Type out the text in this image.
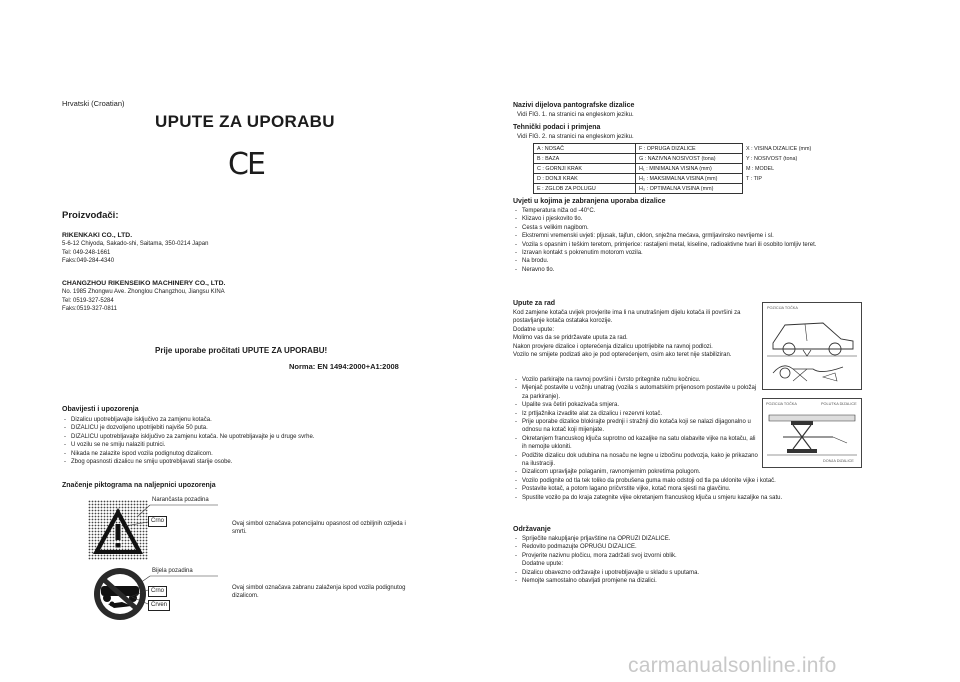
Hrvatski (Croatian)
UPUTE ZA UPORABU
CE
Proizvođači:
RIKENKAKI CO., LTD.
5-6-12 Chiyoda, Sakado-shi, Saitama, 350-0214 Japan
Tel: 049-248-1661
Faks:049-284-4340
CHANGZHOU RIKENSEIKO MACHINERY CO., LTD.
No. 1985 Zhongwu Ave. Zhonglou Changzhou, Jiangsu KINA
Tel: 0519-327-5284
Faks:0519-327-0811
Prije uporabe pročitati UPUTE ZA UPORABU!
Norma: EN 1494:2000+A1:2008
Obavijesti i upozorenja
- Dizalicu upotrebljavajte isključivo za zamjenu kotača.
- DIZALICU je dozvoljeno upotrijebiti najviše 50 puta.
- DIZALICU upotrebljavajte isključivo za zamjenu kotača. Ne upotrebljavajte je u druge svrhe.
- U vozilu se ne smiju nalaziti putnici.
- Nikada ne zalazite ispod vozila podignutog dizalicom.
- Zbog opasnosti dizalicu ne smiju upotrebljavati starije osobe.
Značenje piktograma na naljepnici upozorenja
Narančasta pozadina
Crno	Ovaj simbol označava potencijalnu opasnost od ozbiljnih ozljeda i smrti.
Bijela pozadina
Crno
Crven
Ovaj simbol označava zabranu zalaženja ispod vozila podignutog dizalicom.
Nazivi dijelova pantografske dizalice
Vidi FIG. 1. na stranici na engleskom jeziku.
Tehnički podaci i primjena
Vidi FIG. 2. na stranici na engleskom jeziku.
A : NOSAČ	F : OPRUGA DIZALICE	X : VISINA DIZALICE (mm)
B : BAZA	G : NAZIVNA NOSIVOST (tona)	Y : NOSIVOST (tona)
C : GORNJI KRAK	H₁ : MINIMALNA VISINA (mm)	M : MODEL
D : DONJI KRAK	H₂ : MAKSIMALNA VISINA (mm)	T : TIP
E : ZGLOB ZA POLUGU	H₃ : OPTIMALNA VISINA (mm)	
Uvjeti u kojima je zabranjena uporaba dizalice
- Temperatura niža od -40°C.
- Klizavo i pjeskovito tlo.
- Cesta s velikim nagibom.
- Ekstremni vremenski uvjeti: pljusak, tajfun, ciklon, snježna mećava, grmljavinsko nevrijeme i sl.
- Vozila s opasnim i teškim teretom, primjerice: rastaljeni metal, kiseline, radioaktivne tvari ili osobito lomljiv teret.
- Izravan kontakt s pokrenutim motorom vozila.
- Na brodu.
- Neravno tlo.
Upute za rad
Kod zamjene kotača uvijek provjerite ima li na unutrašnjem dijelu kotača ili površini za postavljanje kotača ostataka korozije.
Dodatne upute:
Molimo vas da se pridržavate uputa za rad.
Nakon provjere dizalice i opterećenja dizalicu upotrijebite na ravnoj podlozi.
Vozilo ne smijete podizati ako je pod opterećenjem, osim ako teret nije stabiliziran.
- Vozilo parkirajte na ravnoj površini i čvrsto pritegnite ručnu kočnicu.
- Mjenjač postavite u vožnju unatrag (vozila s automatskim prijenosom postavite u položaj za parkiranje).
- Upalite sva četiri pokazivača smjera.
- Iz prtljažnika izvadite alat za dizalicu i rezervni kotač.
- Prije uporabe dizalice blokirajte prednji i stražnji dio kotača koji se nalazi dijagonalno u odnosu na kotač koji mijenjate.
- Okretanjem francuskog ključa suprotno od kazaljke na satu olabavite vijke na kotaču, ali ih nemojte ukloniti.
- Podižite dizalicu dok udubina na nosaču ne legne u izbočinu podvozja, kako je prikazano na ilustraciji.
- Dizalicom upravljajte polaganim, ravnomjernim pokretima polugom.
- Vozilo podignite od tla tek toliko da probušena guma malo odstoji od tla pa uklonite vijke i kotač.
- Postavite kotač, a potom lagano pričvrstite vijke, kotač mora sjesti na glavčinu.
- Spustite vozilo pa do kraja zategnite vijke okretanjem francuskog ključa u smjeru kazaljke na satu.
POZICIJA TOČKA
POZICIJA TOČKA	POLUTKA DIZALICE
DONJA DIZALICE
Održavanje
- Spriječite nakupljanje prljavštine na OPRUZI DIZALICE.
- Redovito podmazujte OPRUGU DIZALICE.
- Provjerite nazivnu pločicu, mora zadržati svoj izvorni oblik.
Dodatne upute:
- Dizalicu obavezno održavajte i upotrebljavajte u skladu s uputama.
- Nemojte samostalno obavljati promjene na dizalici.
carmanualsonline.info
